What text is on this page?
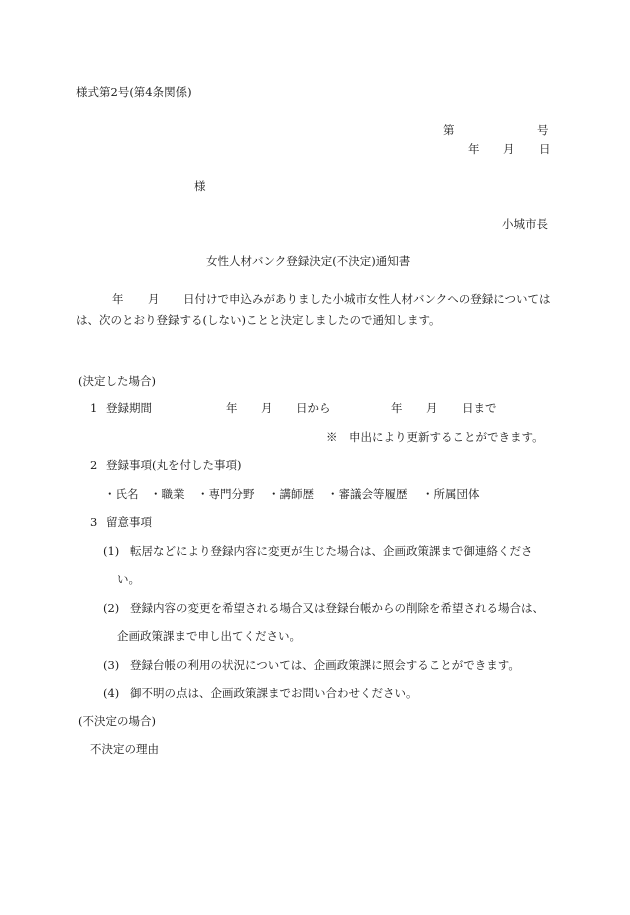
様式第2号(第4条関係)
第	号
年 月 日
様
小城市長
女性人材バンク登録決定(不決定)通知書
年 月 日付けで申込みがありました小城市女性人材バンクへの登録については
は、次のとおり登録する(しない)ことと決定しましたので通知します。
(決定した場合)
1 登録期間	年 月 日から	年 月 日まで
※　申出により更新することができます。
2 登録事項(丸を付した事項)
・氏名 ・職業 ・専門分野 ・講師歴 ・審議会等履歴 ・所属団体
3 留意事項
(1) 転居などにより登録内容に変更が生じた場合は、企画政策課まで御連絡くださ
い。
(2) 登録内容の変更を希望される場合又は登録台帳からの削除を希望される場合は、
企画政策課まで申し出てください。
(3) 登録台帳の利用の状況については、企画政策課に照会することができます。
(4) 御不明の点は、企画政策課までお問い合わせください。
(不決定の場合)
不決定の理由
